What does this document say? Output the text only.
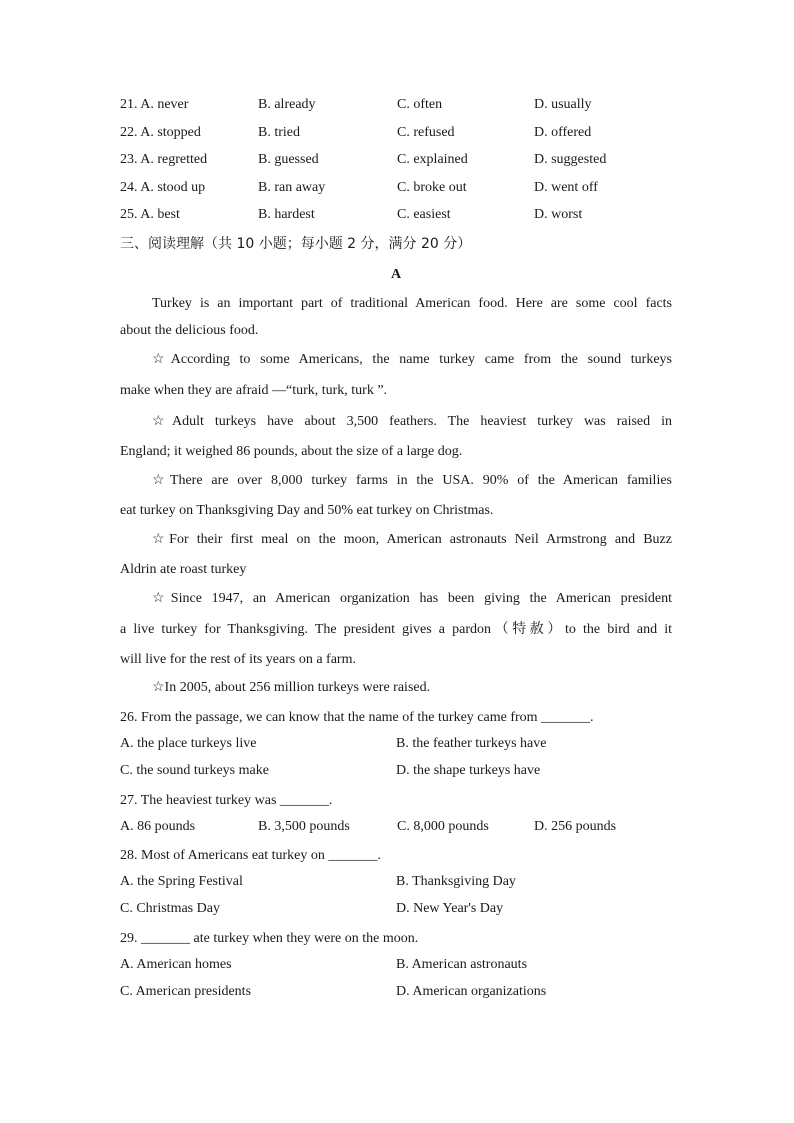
21. A. never	B. already	C. often	D. usually
22. A. stopped	B. tried	C. refused	D. offered
23. A. regretted	B. guessed	C. explained	D. suggested
24. A. stood up	B. ran away	C. broke out	D. went off
25. A. best	B. hardest	C. easiest	D. worst
三、阅读理解（共 10 小题；每小题 2 分，满分 20 分）
A
Turkey is an important part of traditional American food. Here are some cool facts
about the delicious food.
☆According to some Americans, the name turkey came from the sound turkeys
make when they are afraid —“turk, turk, turk ”.
☆Adult turkeys have about 3,500 feathers. The heaviest turkey was raised in
England; it weighed 86 pounds, about the size of a large dog.
☆There are over 8,000 turkey farms in the USA. 90% of the American families
eat turkey on Thanksgiving Day and 50% eat turkey on Christmas.
☆For their first meal on the moon, American astronauts Neil Armstrong and Buzz
Aldrin ate roast turkey
☆Since 1947, an American organization has been giving the American president
a live turkey for Thanksgiving. The president gives a pardon（特赦）to the bird and it
will live for the rest of its years on a farm.
☆In 2005, about 256 million turkeys were raised.
26. From the passage, we can know that the name of the turkey came from _______.
A. the place turkeys live	B. the feather turkeys have
C. the sound turkeys make	D. the shape turkeys have
27. The heaviest turkey was _______.
A. 86 pounds	B. 3,500 pounds	C. 8,000 pounds	D. 256 pounds
28. Most of Americans eat turkey on _______.
A. the Spring Festival	B. Thanksgiving Day
C. Christmas Day	D. New Year's Day
29. _______ ate turkey when they were on the moon.
A. American homes	B. American astronauts
C. American presidents	D. American organizations
